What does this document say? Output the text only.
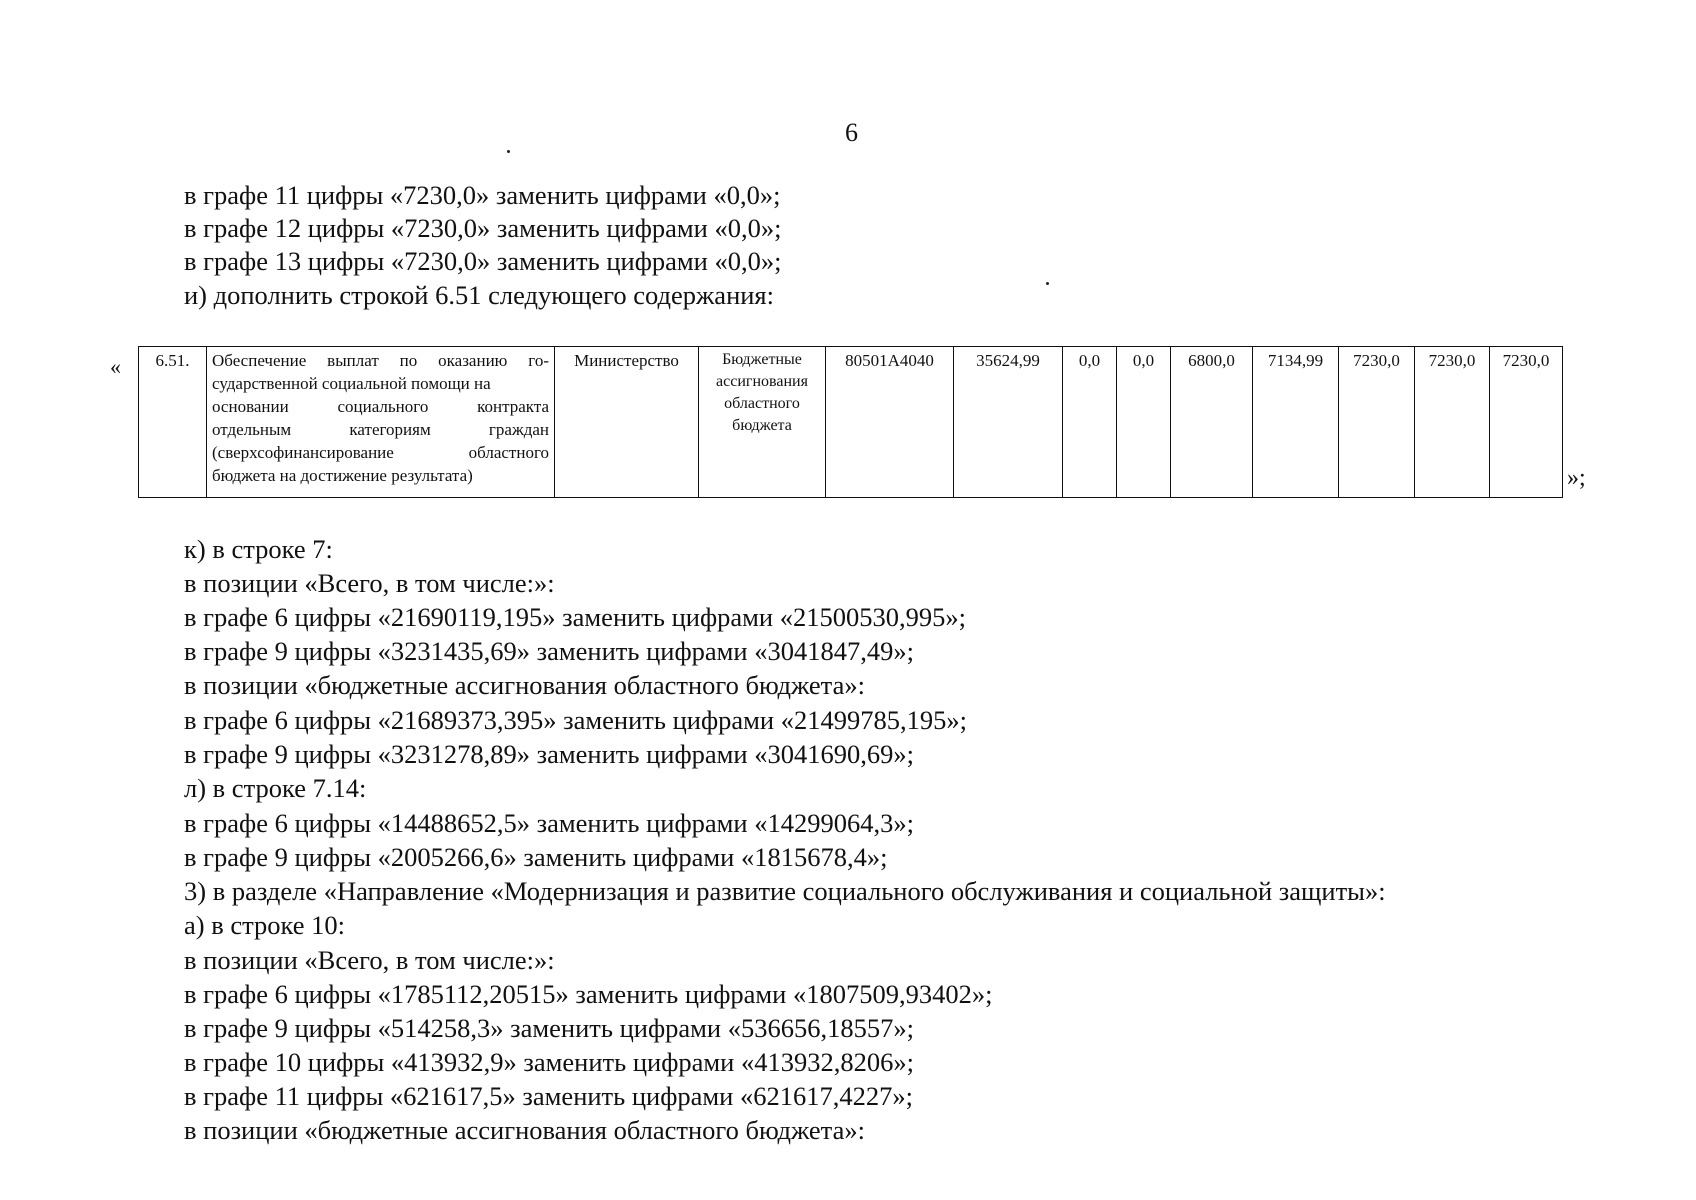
6
в графе 11 цифры «7230,0» заменить цифрами «0,0»;
в графе 12 цифры «7230,0» заменить цифрами «0,0»;
в графе 13 цифры «7230,0» заменить цифрами «0,0»;
и) дополнить строкой 6.51 следующего содержания:
« 6.51.	Обеспечение выплат по оказанию го-
сударственной социальной помощи на
основании социального контракта
отдельным категориям граждан
(сверхсофинансирование областного
бюджета на достижение результата)
	Министерство	Бюджетные
ассигнования
областного
бюджета
	80501А4040	35624,99	0,0	0,0	6800,0	7134,99	7230,0	7230,0	7230,0
»;
к) в строке 7:
в позиции «Всего, в том числе:»:
в графе 6 цифры «21690119,195» заменить цифрами «21500530,995»;
в графе 9 цифры «3231435,69» заменить цифрами «3041847,49»;
в позиции «бюджетные ассигнования областного бюджета»:
в графе 6 цифры «21689373,395» заменить цифрами «21499785,195»;
в графе 9 цифры «3231278,89» заменить цифрами «3041690,69»;
л) в строке 7.14:
в графе 6 цифры «14488652,5» заменить цифрами «14299064,3»;
в графе 9 цифры «2005266,6» заменить цифрами «1815678,4»;
3) в разделе «Направление «Модернизация и развитие социального обслуживания и социальной защиты»:
а) в строке 10:
в позиции «Всего, в том числе:»:
в графе 6 цифры «1785112,20515» заменить цифрами «1807509,93402»;
в графе 9 цифры «514258,3» заменить цифрами «536656,18557»;
в графе 10 цифры «413932,9» заменить цифрами «413932,8206»;
в графе 11 цифры «621617,5» заменить цифрами «621617,4227»;
в позиции «бюджетные ассигнования областного бюджета»:
